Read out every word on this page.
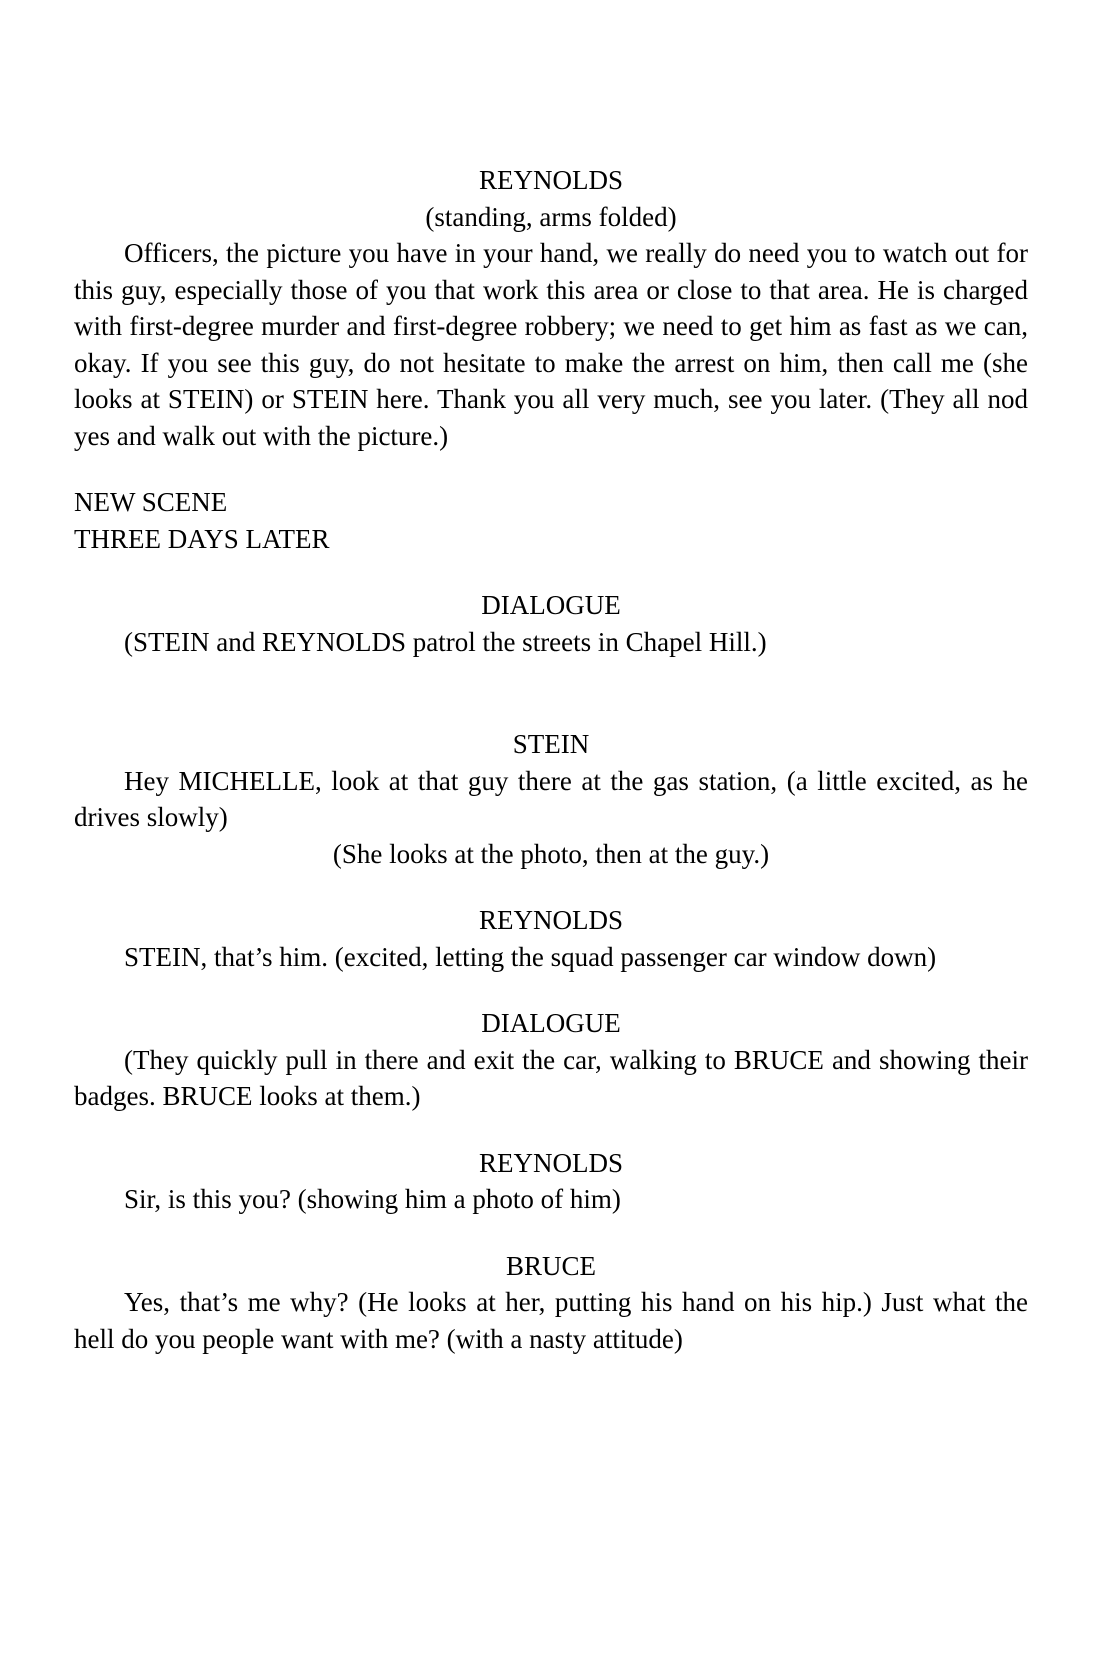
REYNOLDS
(standing, arms folded)
Officers, the picture you have in your hand, we really do need you to watch out for this guy, especially those of you that work this area or close to that area. He is charged with first-degree murder and first-degree robbery; we need to get him as fast as we can, okay. If you see this guy, do not hesitate to make the arrest on him, then call me (she looks at STEIN) or STEIN here. Thank you all very much, see you later. (They all nod yes and walk out with the picture.)
NEW SCENE
THREE DAYS LATER
DIALOGUE
(STEIN and REYNOLDS patrol the streets in Chapel Hill.)
STEIN
Hey MICHELLE, look at that guy there at the gas station, (a little excited, as he drives slowly)
(She looks at the photo, then at the guy.)
REYNOLDS
STEIN, that’s him. (excited, letting the squad passenger car window down)
DIALOGUE
(They quickly pull in there and exit the car, walking to BRUCE and showing their badges. BRUCE looks at them.)
REYNOLDS
Sir, is this you? (showing him a photo of him)
BRUCE
Yes, that’s me why? (He looks at her, putting his hand on his hip.) Just what the hell do you people want with me? (with a nasty attitude)
